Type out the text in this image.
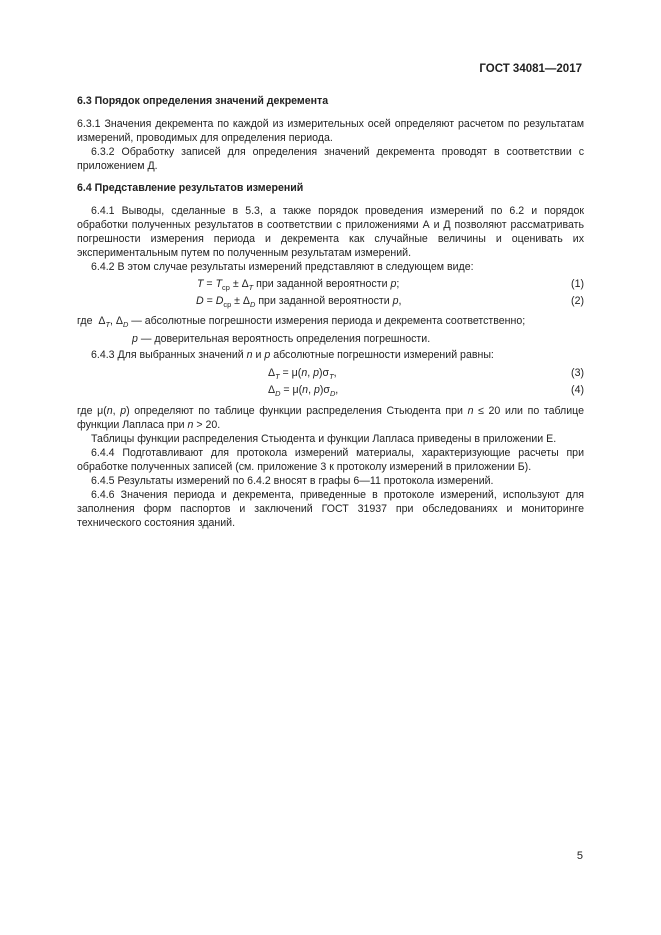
ГОСТ 34081—2017
6.3 Порядок определения значений декремента

6.3.1 Значения декремента по каждой из измерительных осей определяют расчетом по результатам измерений, проводимых для определения периода.

6.3.2 Обработку записей для определения значений декремента проводят в соответствии с приложением Д.

6.4 Представление результатов измерений

6.4.1 Выводы, сделанные в 5.3, а также порядок проведения измерений по 6.2 и порядок обработки полученных результатов в соответствии с приложениями А и Д позволяют рассматривать погрешности измерения периода и декремента как случайные величины и оценивать их экспериментальным путем по полученным результатам измерений.

6.4.2 В этом случае результаты измерений представляют в следующем виде:

$T = T_{ср} \pm \Delta_T$ при заданной вероятности p;	(1)
$D = D_{ср} \pm \Delta_D$ при заданной вероятности p,	(2)

где  $\Delta_T$, $\Delta_D$ — абсолютные погрешности измерения периода и декремента соответственно;

p — доверительная вероятность определения погрешности.

6.4.3 Для выбранных значений n и p абсолютные погрешности измерений равны:

$\Delta_T = \mu(n$, $p)\sigma_T$,	(3)
$\Delta_D = \mu(n$, $p)\sigma_D$,	(4)

где μ(n, p) определяют по таблице функции распределения Стьюдента при n ≤ 20 или по таблице функции Лапласа при n > 20.

Таблицы функции распределения Стьюдента и функции Лапласа приведены в приложении Е.

6.4.4 Подготавливают для протокола измерений материалы, характеризующие расчеты при обработке полученных записей (см. приложение 3 к протоколу измерений в приложении Б).

6.4.5 Результаты измерений по 6.4.2 вносят в графы 6—11 протокола измерений.

6.4.6 Значения периода и декремента, приведенные в протоколе измерений, используют для заполнения форм паспортов и заключений ГОСТ 31937 при обследованиях и мониторинге технического состояния зданий.

5
